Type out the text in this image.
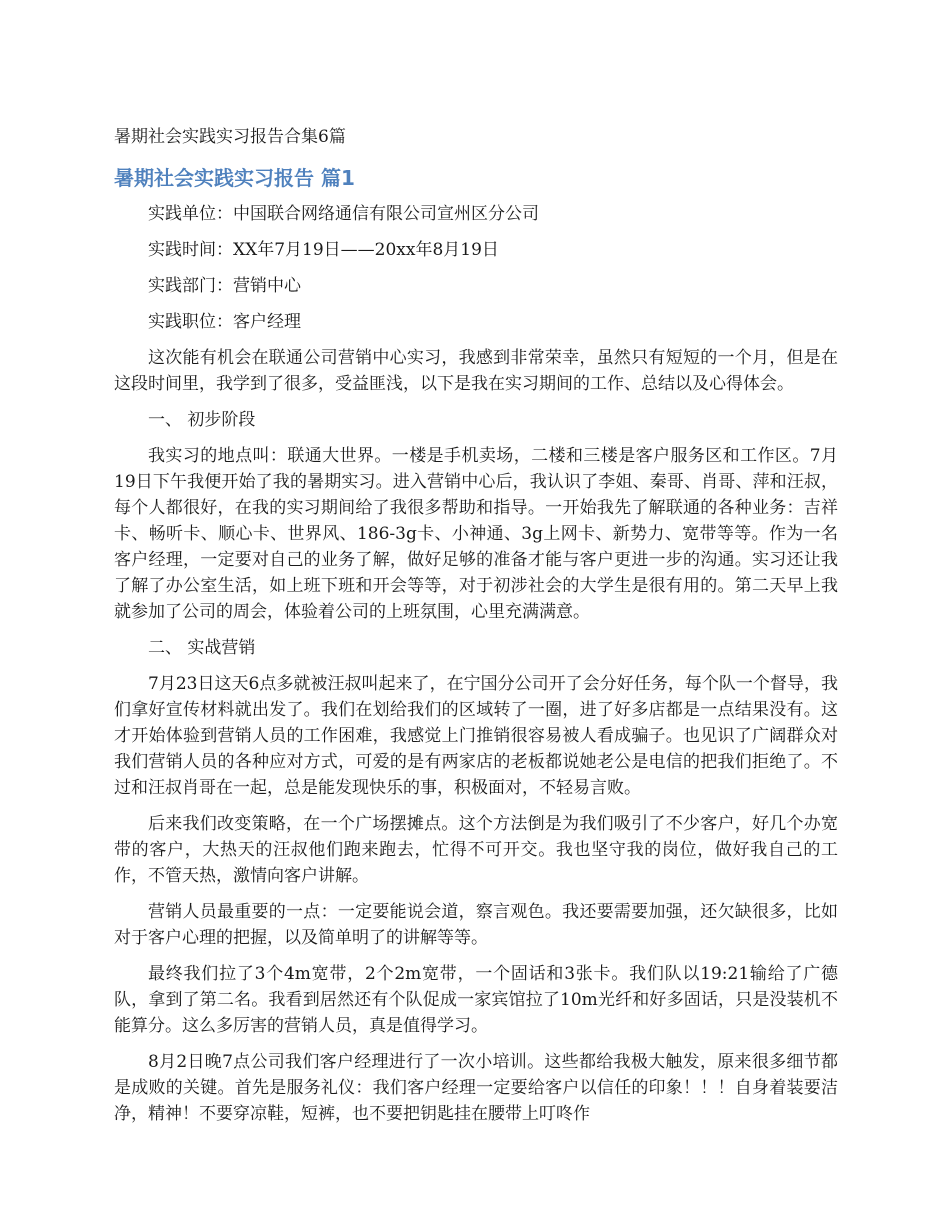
暑期社会实践实习报告合集6篇
暑期社会实践实习报告 篇1

实践单位：中国联合网络通信有限公司宣州区分公司

实践时间：XX年7月19日——20xx年8月19日

实践部门：营销中心

实践职位：客户经理

这次能有机会在联通公司营销中心实习，我感到非常荣幸，虽然只有短短的一个月，但是在这段时间里，我学到了很多，受益匪浅，以下是我在实习期间的工作、总结以及心得体会。

一、 初步阶段

我实习的地点叫：联通大世界。一楼是手机卖场，二楼和三楼是客户服务区和工作区。7月19日下午我便开始了我的暑期实习。进入营销中心后，我认识了李姐、秦哥、肖哥、萍和汪叔，每个人都很好，在我的实习期间给了我很多帮助和指导。一开始我先了解联通的各种业务：吉祥卡、畅听卡、顺心卡、世界风、186-3g卡、小神通、3g上网卡、新势力、宽带等等。作为一名客户经理，一定要对自己的业务了解，做好足够的准备才能与客户更进一步的沟通。实习还让我了解了办公室生活，如上班下班和开会等等，对于初涉社会的大学生是很有用的。第二天早上我就参加了公司的周会，体验着公司的上班氛围，心里充满满意。

二、 实战营销

7月23日这天6点多就被汪叔叫起来了，在宁国分公司开了会分好任务，每个队一个督导，我们拿好宣传材料就出发了。我们在划给我们的区域转了一圈，进了好多店都是一点结果没有。这才开始体验到营销人员的工作困难，我感觉上门推销很容易被人看成骗子。也见识了广阔群众对我们营销人员的各种应对方式，可爱的是有两家店的老板都说她老公是电信的把我们拒绝了。不过和汪叔肖哥在一起，总是能发现快乐的事，积极面对，不轻易言败。

后来我们改变策略，在一个广场摆摊点。这个方法倒是为我们吸引了不少客户，好几个办宽带的客户，大热天的汪叔他们跑来跑去，忙得不可开交。我也坚守我的岗位，做好我自己的工作，不管天热，激情向客户讲解。

营销人员最重要的一点：一定要能说会道，察言观色。我还要需要加强，还欠缺很多，比如对于客户心理的把握，以及简单明了的讲解等等。

最终我们拉了3个4m宽带，2个2m宽带，一个固话和3张卡。我们队以19:21输给了广德队，拿到了第二名。我看到居然还有个队促成一家宾馆拉了10m光纤和好多固话，只是没装机不能算分。这么多厉害的营销人员，真是值得学习。

8月2日晚7点公司我们客户经理进行了一次小培训。这些都给我极大触发，原来很多细节都是成败的关键。首先是服务礼仪：我们客户经理一定要给客户以信任的印象！！！自身着装要洁净，精神！不要穿凉鞋，短裤，也不要把钥匙挂在腰带上叮咚作
